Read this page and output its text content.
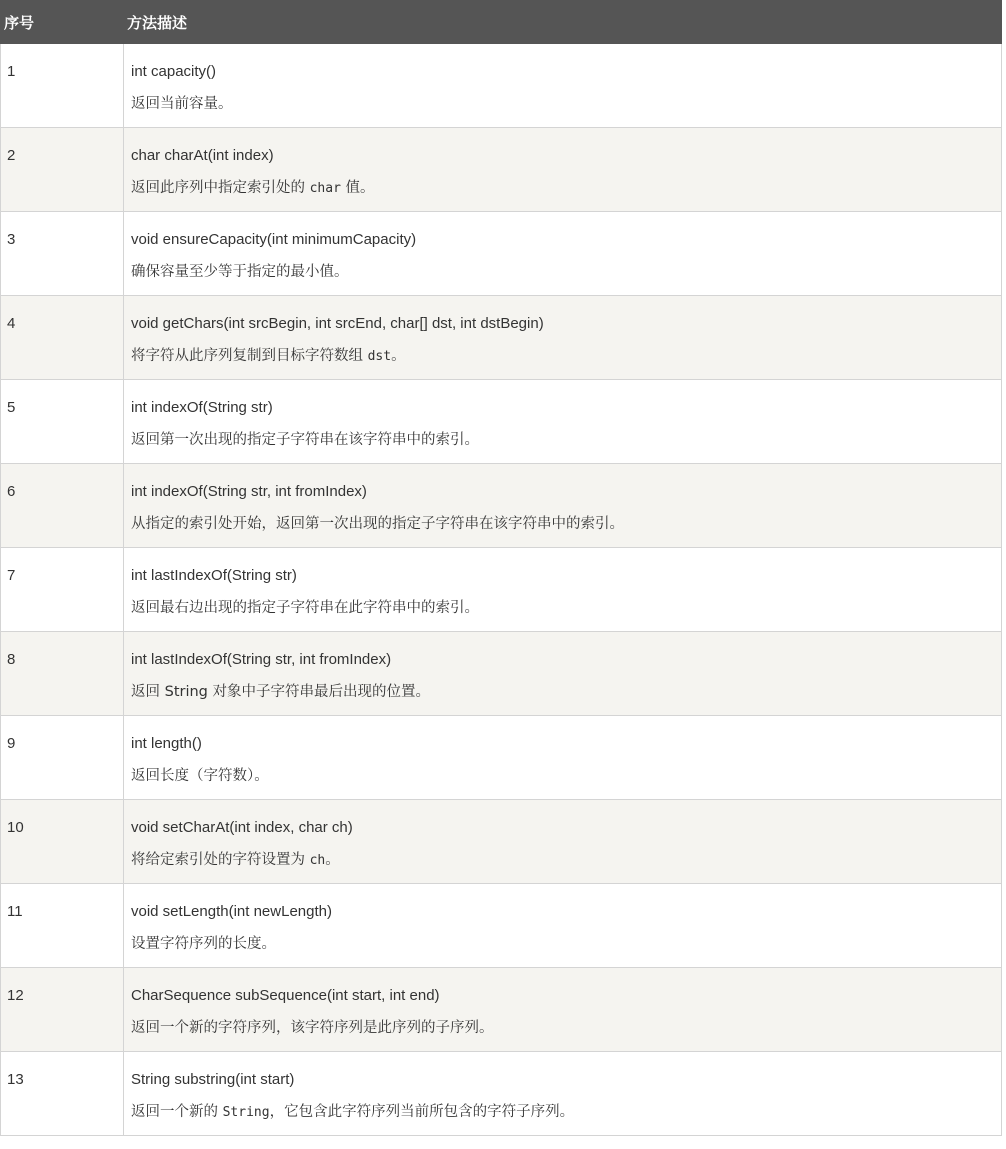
序号	方法描述
1	int capacity()
返回当前容量。

2	char charAt(int index)
返回此序列中指定索引处的 char 值。

3	void ensureCapacity(int minimumCapacity)
确保容量至少等于指定的最小值。

4	void getChars(int srcBegin, int srcEnd, char[] dst, int dstBegin)
将字符从此序列复制到目标字符数组 dst。

5	int indexOf(String str)
返回第一次出现的指定子字符串在该字符串中的索引。

6	int indexOf(String str, int fromIndex)
从指定的索引处开始，返回第一次出现的指定子字符串在该字符串中的索引。

7	int lastIndexOf(String str)
返回最右边出现的指定子字符串在此字符串中的索引。

8	int lastIndexOf(String str, int fromIndex)
返回 String 对象中子字符串最后出现的位置。

9	int length()
返回长度（字符数）。

10	void setCharAt(int index, char ch)
将给定索引处的字符设置为 ch。

11	void setLength(int newLength)
设置字符序列的长度。

12	CharSequence subSequence(int start, int end)
返回一个新的字符序列，该字符序列是此序列的子序列。

13	String substring(int start)
返回一个新的 String，它包含此字符序列当前所包含的字符子序列。
